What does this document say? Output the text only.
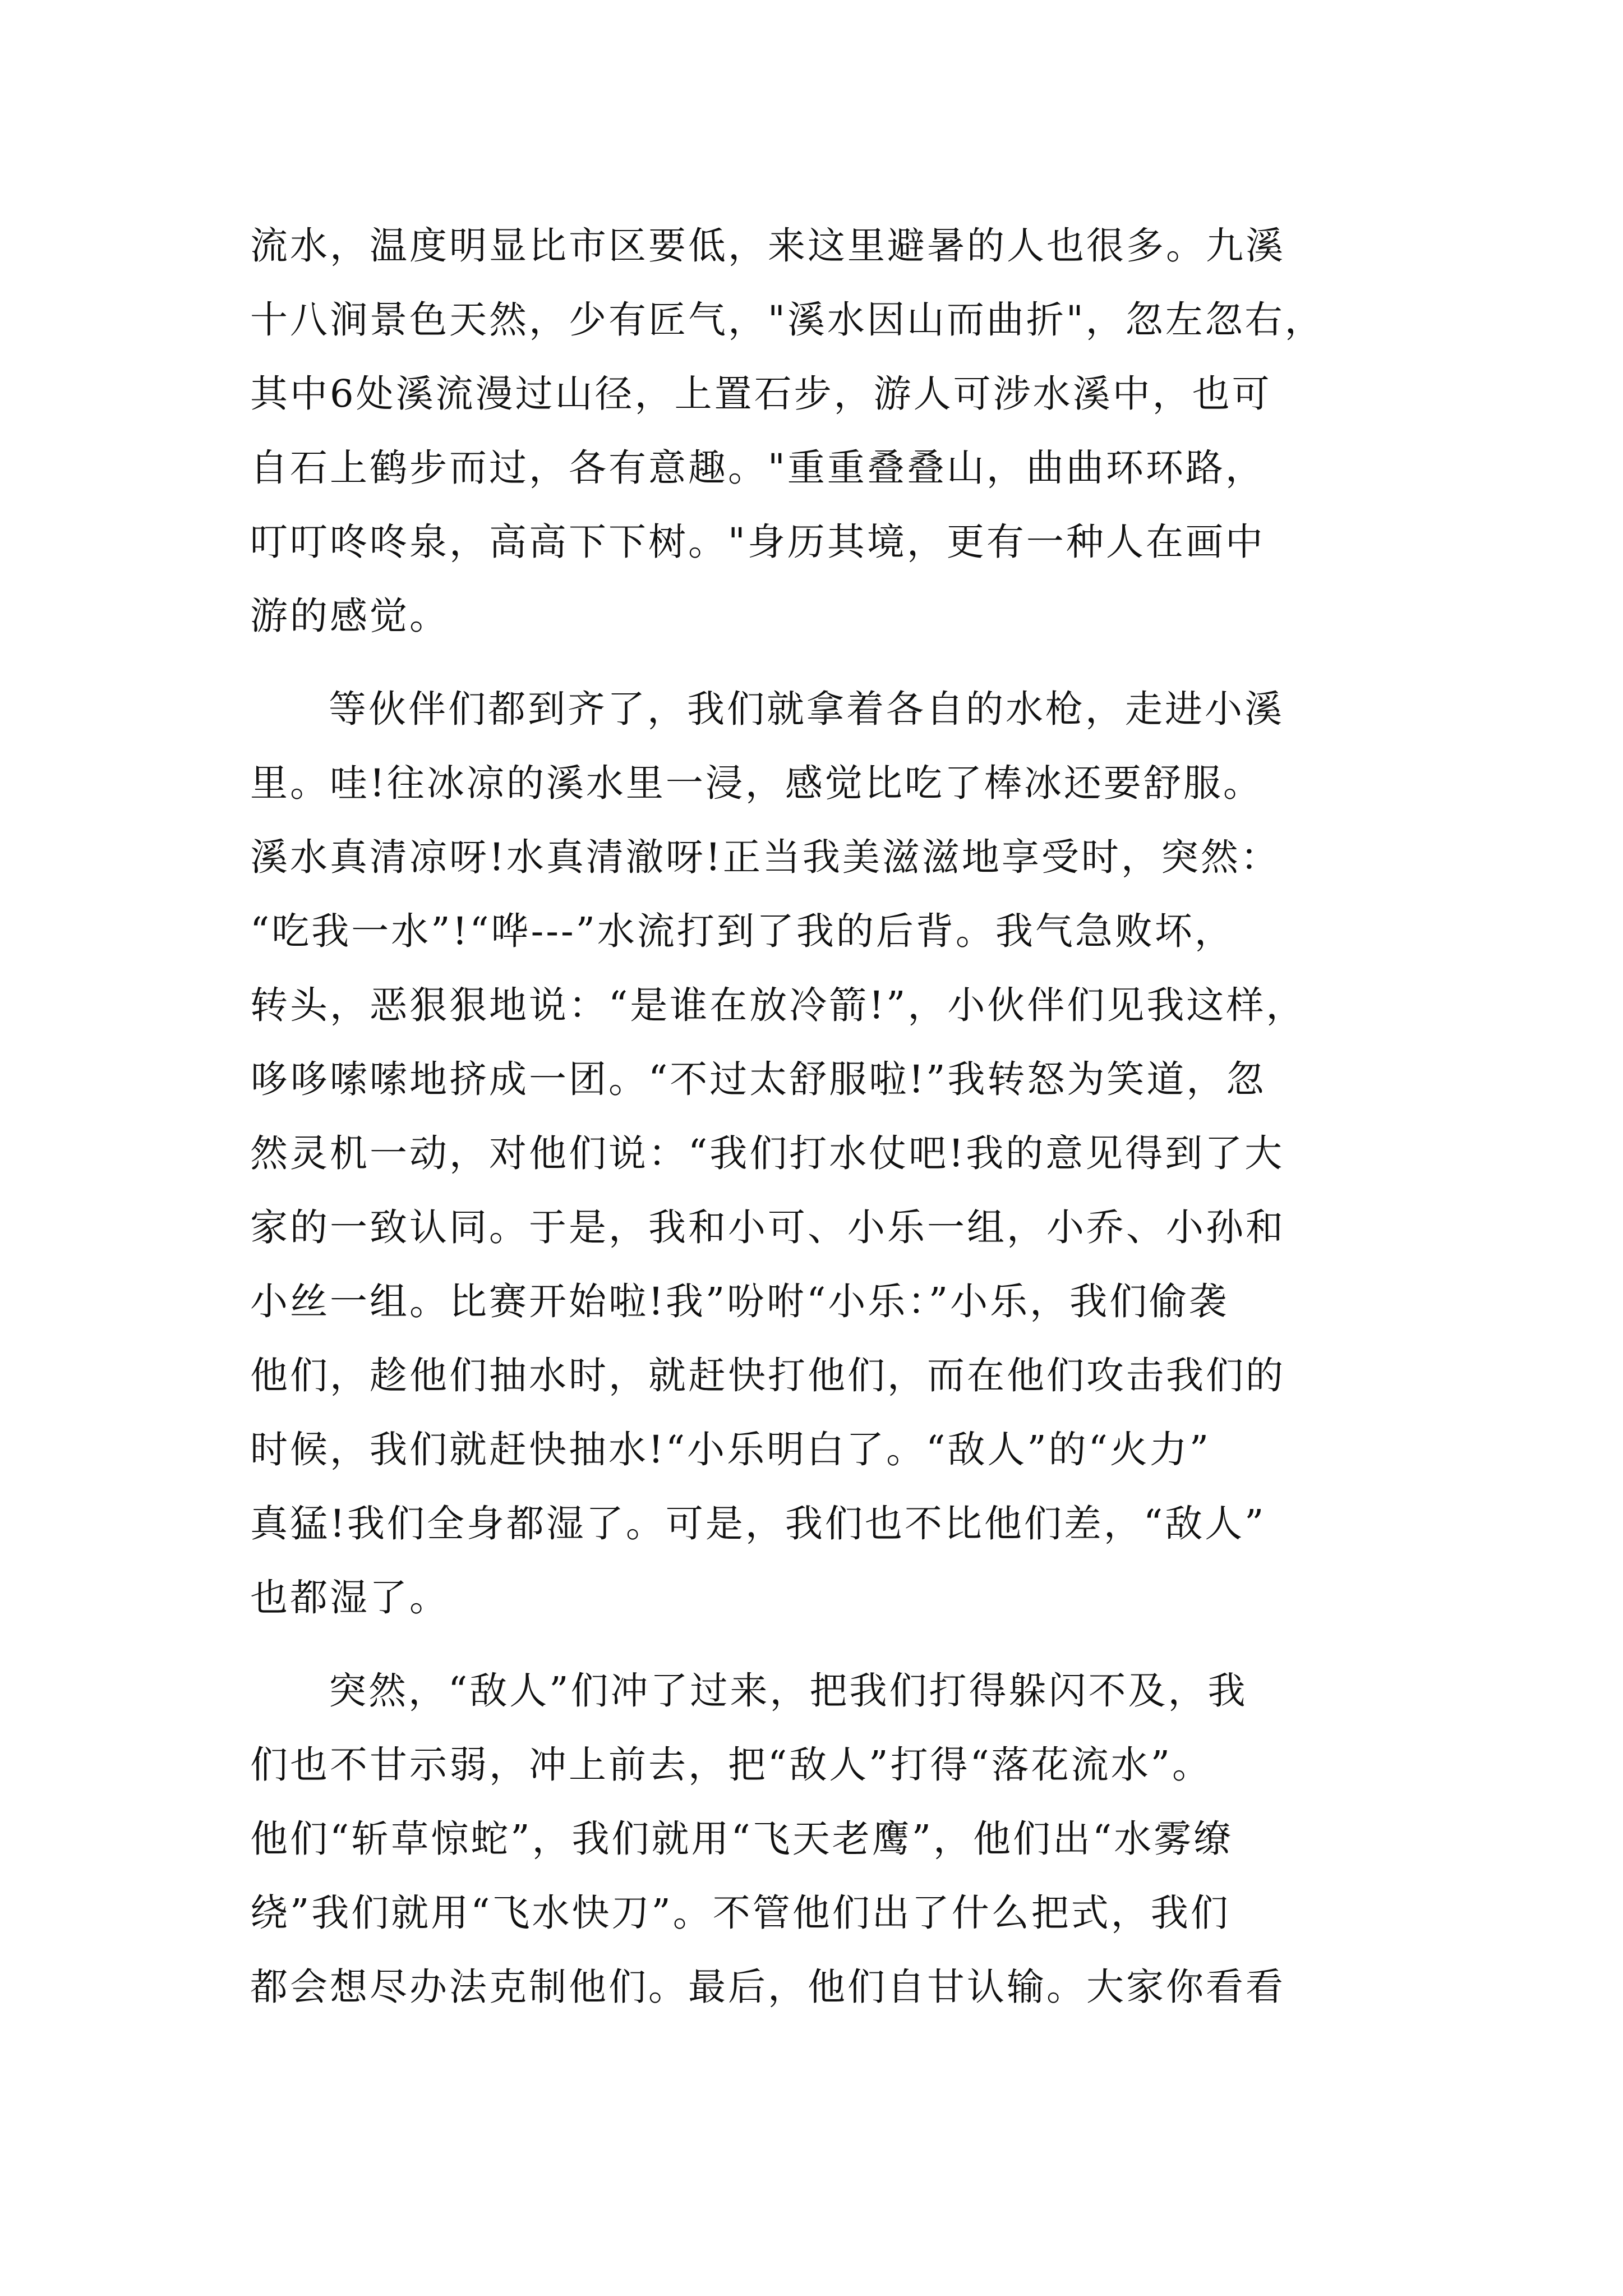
流水，温度明显比市区要低，来这里避暑的人也很多。九溪
十八涧景色天然，少有匠气，"溪水因山而曲折"，忽左忽右，
其中6处溪流漫过山径，上置石步，游人可涉水溪中，也可
自石上鹤步而过，各有意趣。"重重叠叠山，曲曲环环路，
叮叮咚咚泉，高高下下树。"身历其境，更有一种人在画中
游的感觉。
等伙伴们都到齐了，我们就拿着各自的水枪，走进小溪
里。哇!往冰凉的溪水里一浸，感觉比吃了棒冰还要舒服。
溪水真清凉呀!水真清澈呀!正当我美滋滋地享受时，突然：
“吃我一水”!“哗---”水流打到了我的后背。我气急败坏，
转头，恶狠狠地说：“是谁在放冷箭!”，小伙伴们见我这样，
哆哆嗦嗦地挤成一团。“不过太舒服啦!”我转怒为笑道，忽
然灵机一动，对他们说：“我们打水仗吧!我的意见得到了大
家的一致认同。于是，我和小可、小乐一组，小乔、小孙和
小丝一组。比赛开始啦!我”吩咐“小乐：”小乐，我们偷袭
他们，趁他们抽水时，就赶快打他们，而在他们攻击我们的
时候，我们就赶快抽水!“小乐明白了。“敌人”的“火力”
真猛!我们全身都湿了。可是，我们也不比他们差，“敌人”
也都湿了。
突然，“敌人”们冲了过来，把我们打得躲闪不及，我
们也不甘示弱，冲上前去，把“敌人”打得“落花流水”。
他们“斩草惊蛇”，我们就用“飞天老鹰”，他们出“水雾缭
绕”我们就用“飞水快刀”。不管他们出了什么把式，我们
都会想尽办法克制他们。最后，他们自甘认输。大家你看看
